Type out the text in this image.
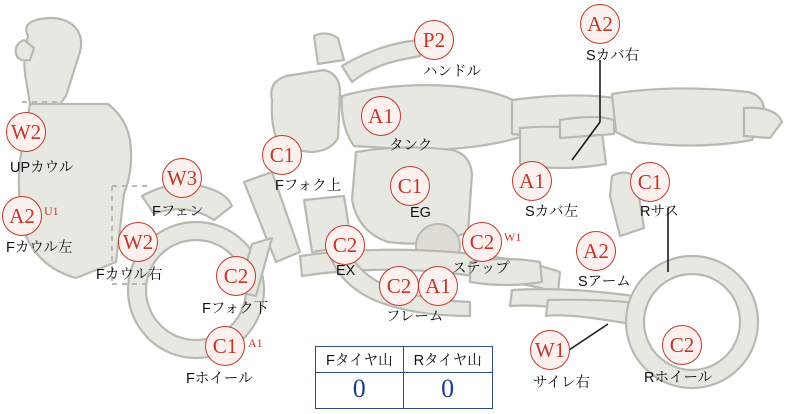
W2
UPカウル
A2 U1
Fカウル左 W2
Fカウル右
W3
Fフェン
C2
Fフォク下
C1 A1
Fホイール
C1
Fフォク上
P2
ハンドル
A1
タンク
C1
EG
C2
EX
C2 A1
フレーム
C2 W1
ステップ
A1
Sカバ左
A2
Sカバ右
C1
Rサス
A2
Sアーム
W1
サイレ右
C2
Rホイール
Fタイヤ山	Rタイヤ山
0	0
